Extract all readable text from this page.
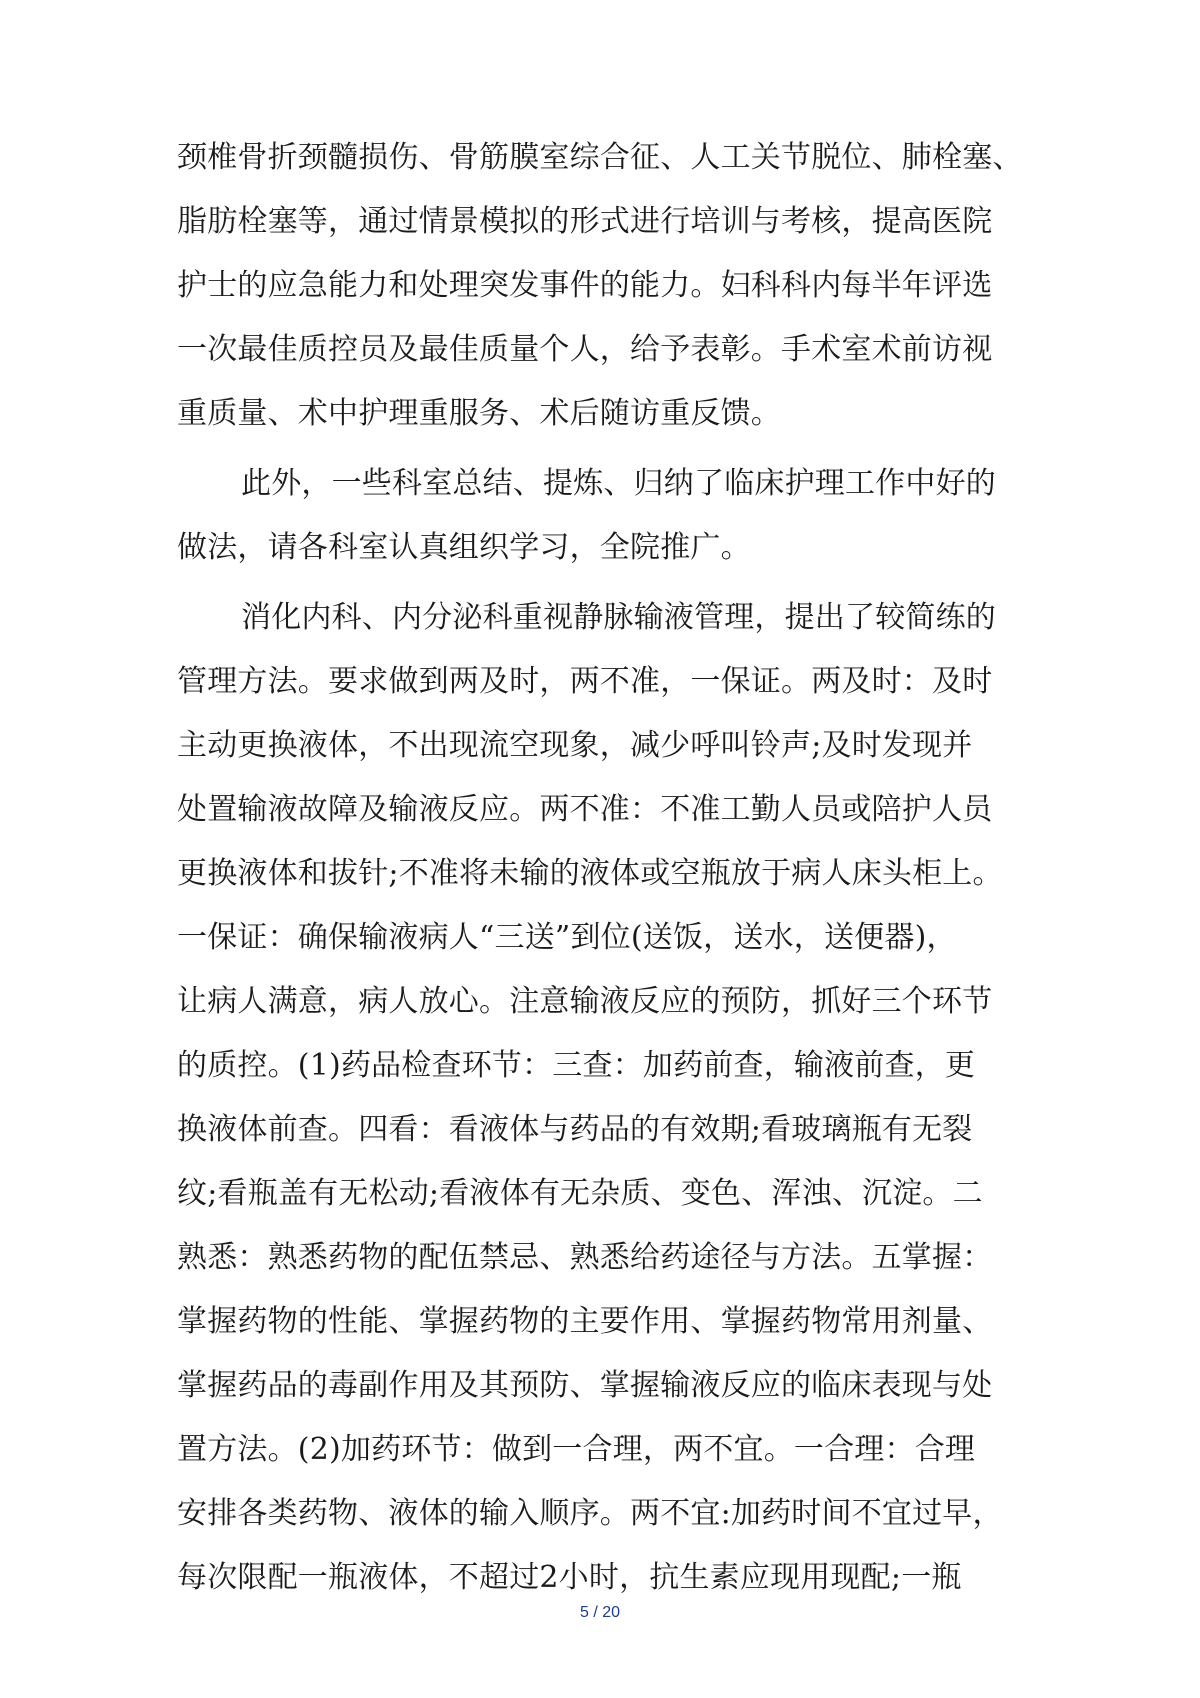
颈椎骨折颈髓损伤、骨筋膜室综合征、人工关节脱位、肺栓塞、
脂肪栓塞等，通过情景模拟的形式进行培训与考核，提高医院
护士的应急能力和处理突发事件的能力。妇科科内每半年评选
一次最佳质控员及最佳质量个人，给予表彰。手术室术前访视
重质量、术中护理重服务、术后随访重反馈。
此外，一些科室总结、提炼、归纳了临床护理工作中好的
做法，请各科室认真组织学习，全院推广。
消化内科、内分泌科重视静脉输液管理，提出了较简练的
管理方法。要求做到两及时，两不准，一保证。两及时：及时
主动更换液体，不出现流空现象，减少呼叫铃声;及时发现并
处置输液故障及输液反应。两不准：不准工勤人员或陪护人员
更换液体和拔针;不准将未输的液体或空瓶放于病人床头柜上。
一保证：确保输液病人“三送”到位(送饭，送水，送便器)，
让病人满意，病人放心。注意输液反应的预防，抓好三个环节
的质控。(1)药品检查环节：三查：加药前查，输液前查，更
换液体前查。四看：看液体与药品的有效期;看玻璃瓶有无裂
纹;看瓶盖有无松动;看液体有无杂质、变色、浑浊、沉淀。二
熟悉：熟悉药物的配伍禁忌、熟悉给药途径与方法。五掌握：
掌握药物的性能、掌握药物的主要作用、掌握药物常用剂量、
掌握药品的毒副作用及其预防、掌握输液反应的临床表现与处
置方法。(2)加药环节：做到一合理，两不宜。一合理：合理
安排各类药物、液体的输入顺序。两不宜:加药时间不宜过早，
每次限配一瓶液体，不超过2小时，抗生素应现用现配;一瓶
5 / 20
